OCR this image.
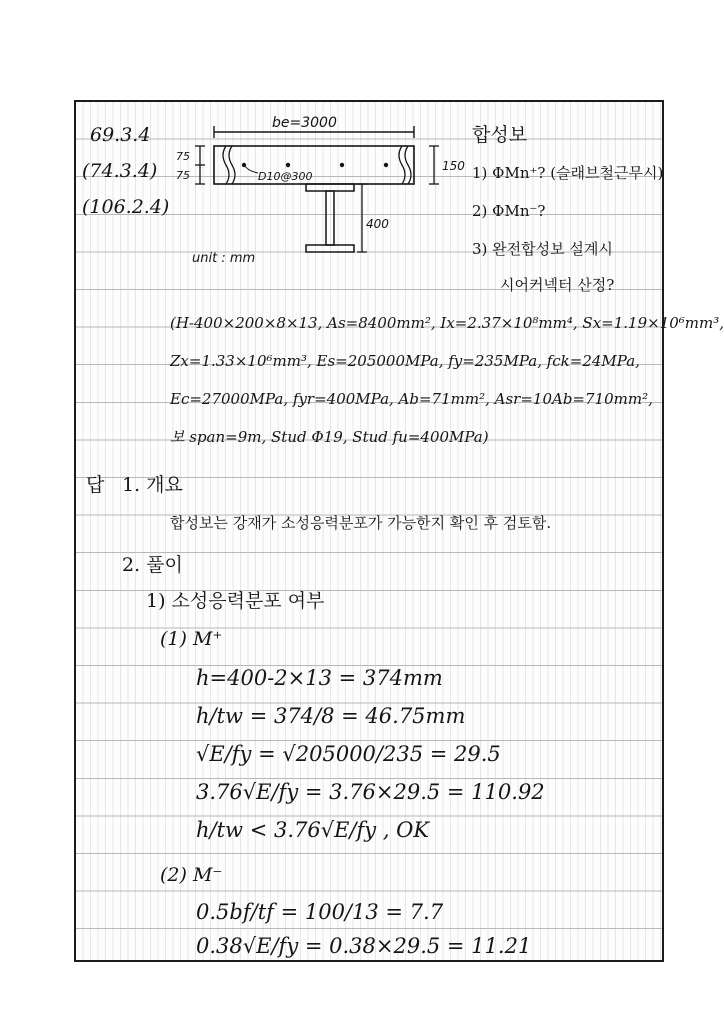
69.3.4
(74.3.4)
(106.2.4)
be=3000
75
75	D10@300
150
400
unit : mm
합성보
1) ΦMn⁺? (슬래브철근무시)
2) ΦMn⁻?
3) 완전합성보 설계시
시어커넥터 산정?
(H-400×200×8×13, As=8400mm², Ix=2.37×10⁸mm⁴, Sx=1.19×10⁶mm³,
Zx=1.33×10⁶mm³, Es=205000MPa, fy=235MPa, fck=24MPa,
Ec=27000MPa, fyr=400MPa, Ab=71mm², Asr=10Ab=710mm²,
보 span=9m, Stud Φ19, Stud fu=400MPa)
답 1. 개요
합성보는 강재가 소성응력분포가 가능한지 확인 후 검토함.
2. 풀이
1) 소성응력분포 여부
(1) M⁺
h=400-2×13 = 374mm
h/tw = 374/8 = 46.75mm
√E/fy = √205000/235 = 29.5
3.76√E/fy = 3.76×29.5 = 110.92
h/tw < 3.76√E/fy , OK
(2) M⁻
0.5bf/tf = 100/13 = 7.7
0.38√E/fy = 0.38×29.5 = 11.21
